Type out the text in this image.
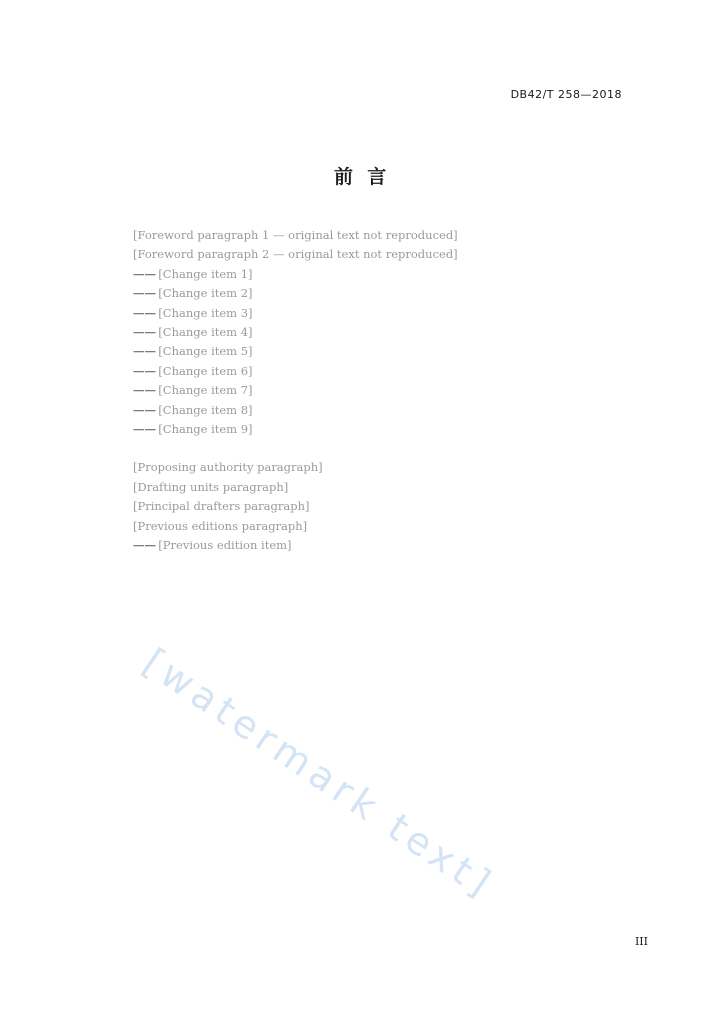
DB42/T 258—2018
前 言

[Foreword paragraph 1 — original text not reproduced]

[Foreword paragraph 2 — original text not reproduced]

—— [Change item 1]

—— [Change item 2]

—— [Change item 3]

—— [Change item 4]

—— [Change item 5]

—— [Change item 6]

—— [Change item 7]

—— [Change item 8]

—— [Change item 9]

[Proposing authority paragraph]

[Drafting units paragraph]

[Principal drafters paragraph]

[Previous editions paragraph]

—— [Previous edition item]

[watermark text]
III
